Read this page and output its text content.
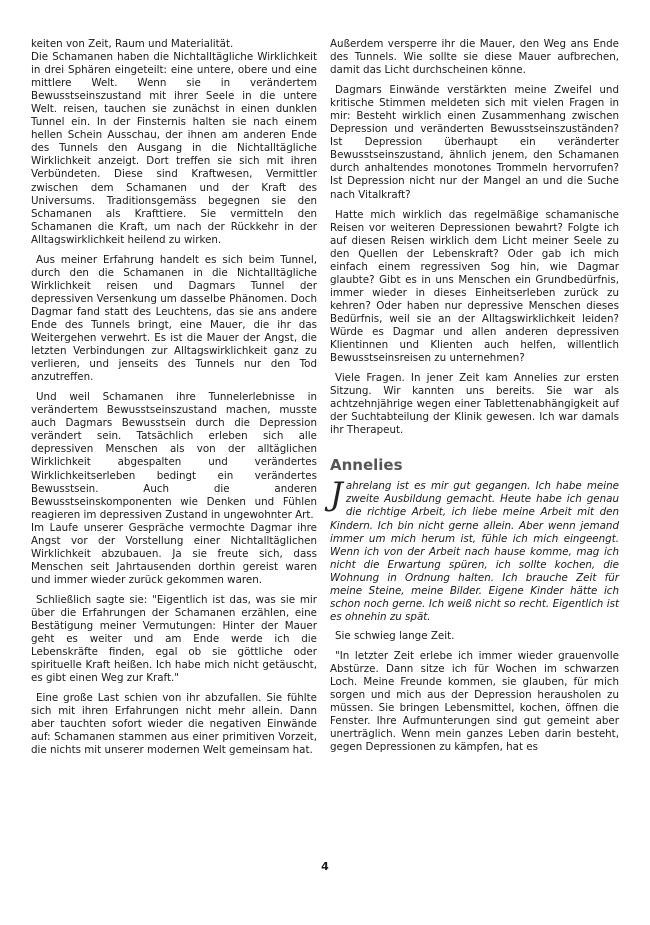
keiten von Zeit, Raum und Materialität.

Die Schamanen haben die Nichtalltägliche Wirklichkeit in drei Sphären eingeteilt: eine untere, obere und eine mittlere Welt. Wenn sie in verändertem Bewusstseinszustand mit ihrer Seele in die untere Welt. reisen, tauchen sie zunächst in einen dunklen Tunnel ein. In der Finsternis halten sie nach einem hellen Schein Ausschau, der ihnen am anderen Ende des Tunnels den Ausgang in die Nichtalltägliche Wirklichkeit anzeigt. Dort treffen sie sich mit ihren Verbündeten. Diese sind Kraftwesen, Vermittler zwischen dem Schamanen und der Kraft des Universums. Traditionsgemäss begegnen sie den Schamanen als Krafttiere. Sie vermitteln den Schamanen die Kraft, um nach der Rückkehr in der Alltagswirklichkeit heilend zu wirken.

Aus meiner Erfahrung handelt es sich beim Tunnel, durch den die Schamanen in die Nichtalltägliche Wirklichkeit reisen und Dagmars Tunnel der depressiven Versenkung um dasselbe Phänomen. Doch Dagmar fand statt des Leuchtens, das sie ans andere Ende des Tunnels bringt, eine Mauer, die ihr das Weitergehen verwehrt. Es ist die Mauer der Angst, die letzten Verbindungen zur Alltagswirklichkeit ganz zu verlieren, und jenseits des Tunnels nur den Tod anzutreffen.

Und weil Schamanen ihre Tunnelerlebnisse in verändertem Bewusstseinszustand machen, musste auch Dagmars Bewusstsein durch die Depression verändert sein. Tatsächlich erleben sich alle depressiven Menschen als von der alltäglichen Wirklichkeit abgespalten und verändertes Wirklichkeitserleben bedingt ein verändertes Bewusstsein. Auch die anderen Bewusstseinskomponenten wie Denken und Fühlen reagieren im depressiven Zustand in ungewohnter Art.

Im Laufe unserer Gespräche vermochte Dagmar ihre Angst vor der Vorstellung einer Nichtalltäglichen Wirklichkeit abzubauen. Ja sie freute sich, dass Menschen seit Jahrtausenden dorthin gereist waren und immer wieder zurück gekommen waren.

Schließlich sagte sie: "Eigentlich ist das, was sie mir über die Erfahrungen der Schamanen erzählen, eine Bestätigung meiner Vermutungen: Hinter der Mauer geht es weiter und am Ende werde ich die Lebenskräfte finden, egal ob sie göttliche oder spirituelle Kraft heißen. Ich habe mich nicht getäuscht, es gibt einen Weg zur Kraft."

Eine große Last schien von ihr abzufallen. Sie fühlte sich mit ihren Erfahrungen nicht mehr allein. Dann aber tauchten sofort wieder die negativen Einwände auf: Schamanen stammen aus einer primitiven Vorzeit, die nichts mit unserer modernen Welt gemeinsam hat.

Außerdem versperre ihr die Mauer, den Weg ans Ende des Tunnels. Wie sollte sie diese Mauer aufbrechen, damit das Licht durchscheinen könne.

Dagmars Einwände verstärkten meine Zweifel und kritische Stimmen meldeten sich mit vielen Fragen in mir: Besteht wirklich einen Zusammenhang zwischen Depression und veränderten Bewusstseinszuständen? Ist Depression überhaupt ein veränderter Bewusstseinszustand, ähnlich jenem, den Schamanen durch anhaltendes monotones Trommeln hervorrufen? Ist Depression nicht nur der Mangel an und die Suche nach Vitalkraft?

Hatte mich wirklich das regelmäßige schamanische Reisen vor weiteren Depressionen bewahrt? Folgte ich auf diesen Reisen wirklich dem Licht meiner Seele zu den Quellen der Lebenskraft? Oder gab ich mich einfach einem regressiven Sog hin, wie Dagmar glaubte? Gibt es in uns Menschen ein Grundbedürfnis, immer wieder in dieses Einheitserleben zurück zu kehren? Oder haben nur depressive Menschen dieses Bedürfnis, weil sie an der Alltagswirklichkeit leiden? Würde es Dagmar und allen anderen depressiven Klientinnen und Klienten auch helfen, willentlich Bewusstseinsreisen zu unternehmen?

Viele Fragen. In jener Zeit kam Annelies zur ersten Sitzung. Wir kannten uns bereits. Sie war als achtzehnjährige wegen einer Tablettenabhängigkeit auf der Suchtabteilung der Klinik gewesen. Ich war damals ihr Therapeut.

Annelies

Jahrelang ist es mir gut gegangen. Ich habe meine zweite Ausbildung gemacht. Heute habe ich genau die richtige Arbeit, ich liebe meine Arbeit mit den Kindern. Ich bin nicht gerne allein. Aber wenn jemand immer um mich herum ist, fühle ich mich eingeengt. Wenn ich von der Arbeit nach hause komme, mag ich nicht die Erwartung spüren, ich sollte kochen, die Wohnung in Ordnung halten. Ich brauche Zeit für meine Steine, meine Bilder. Eigene Kinder hätte ich schon noch gerne. Ich weiß nicht so recht. Eigentlich ist es ohnehin zu spät.

Sie schwieg lange Zeit.

"In letzter Zeit erlebe ich immer wieder grauenvolle Abstürze. Dann sitze ich für Wochen im schwarzen Loch. Meine Freunde kommen, sie glauben, für mich sorgen und mich aus der Depression herausholen zu müssen. Sie bringen Lebensmittel, kochen, öffnen die Fenster. Ihre Aufmunterungen sind gut gemeint aber unerträglich. Wenn mein ganzes Leben darin besteht, gegen Depressionen zu kämpfen, hat es

4
